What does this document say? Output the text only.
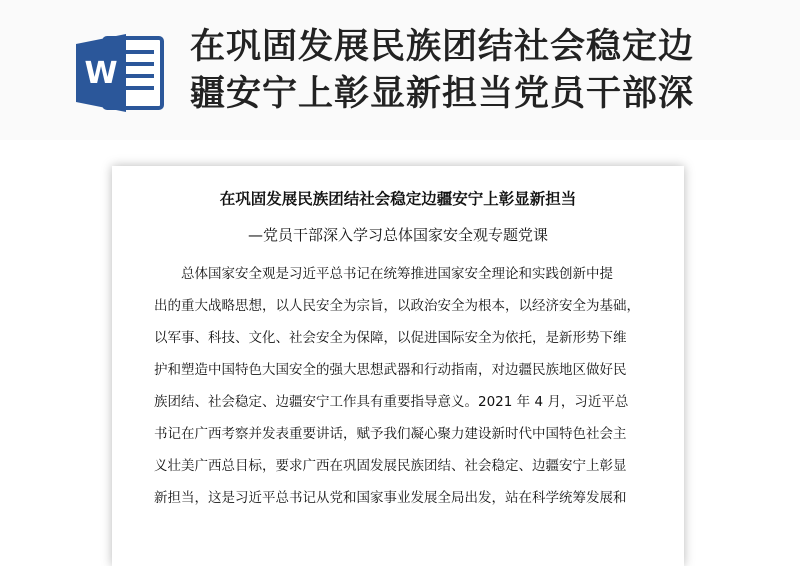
W
在巩固发展民族团结社会稳定边
疆安宁上彰显新担当党员干部深
在巩固发展民族团结社会稳定边疆安宁上彰显新担当
—党员干部深入学习总体国家安全观专题党课
总体国家安全观是习近平总书记在统筹推进国家安全理论和实践创新中提
出的重大战略思想，以人民安全为宗旨，以政治安全为根本，以经济安全为基础，
以军事、科技、文化、社会安全为保障，以促进国际安全为依托，是新形势下维
护和塑造中国特色大国安全的强大思想武器和行动指南，对边疆民族地区做好民
族团结、社会稳定、边疆安宁工作具有重要指导意义。2021 年 4 月，习近平总
书记在广西考察并发表重要讲话，赋予我们凝心聚力建设新时代中国特色社会主
义壮美广西总目标，要求广西在巩固发展民族团结、社会稳定、边疆安宁上彰显
新担当，这是习近平总书记从党和国家事业发展全局出发，站在科学统筹发展和
